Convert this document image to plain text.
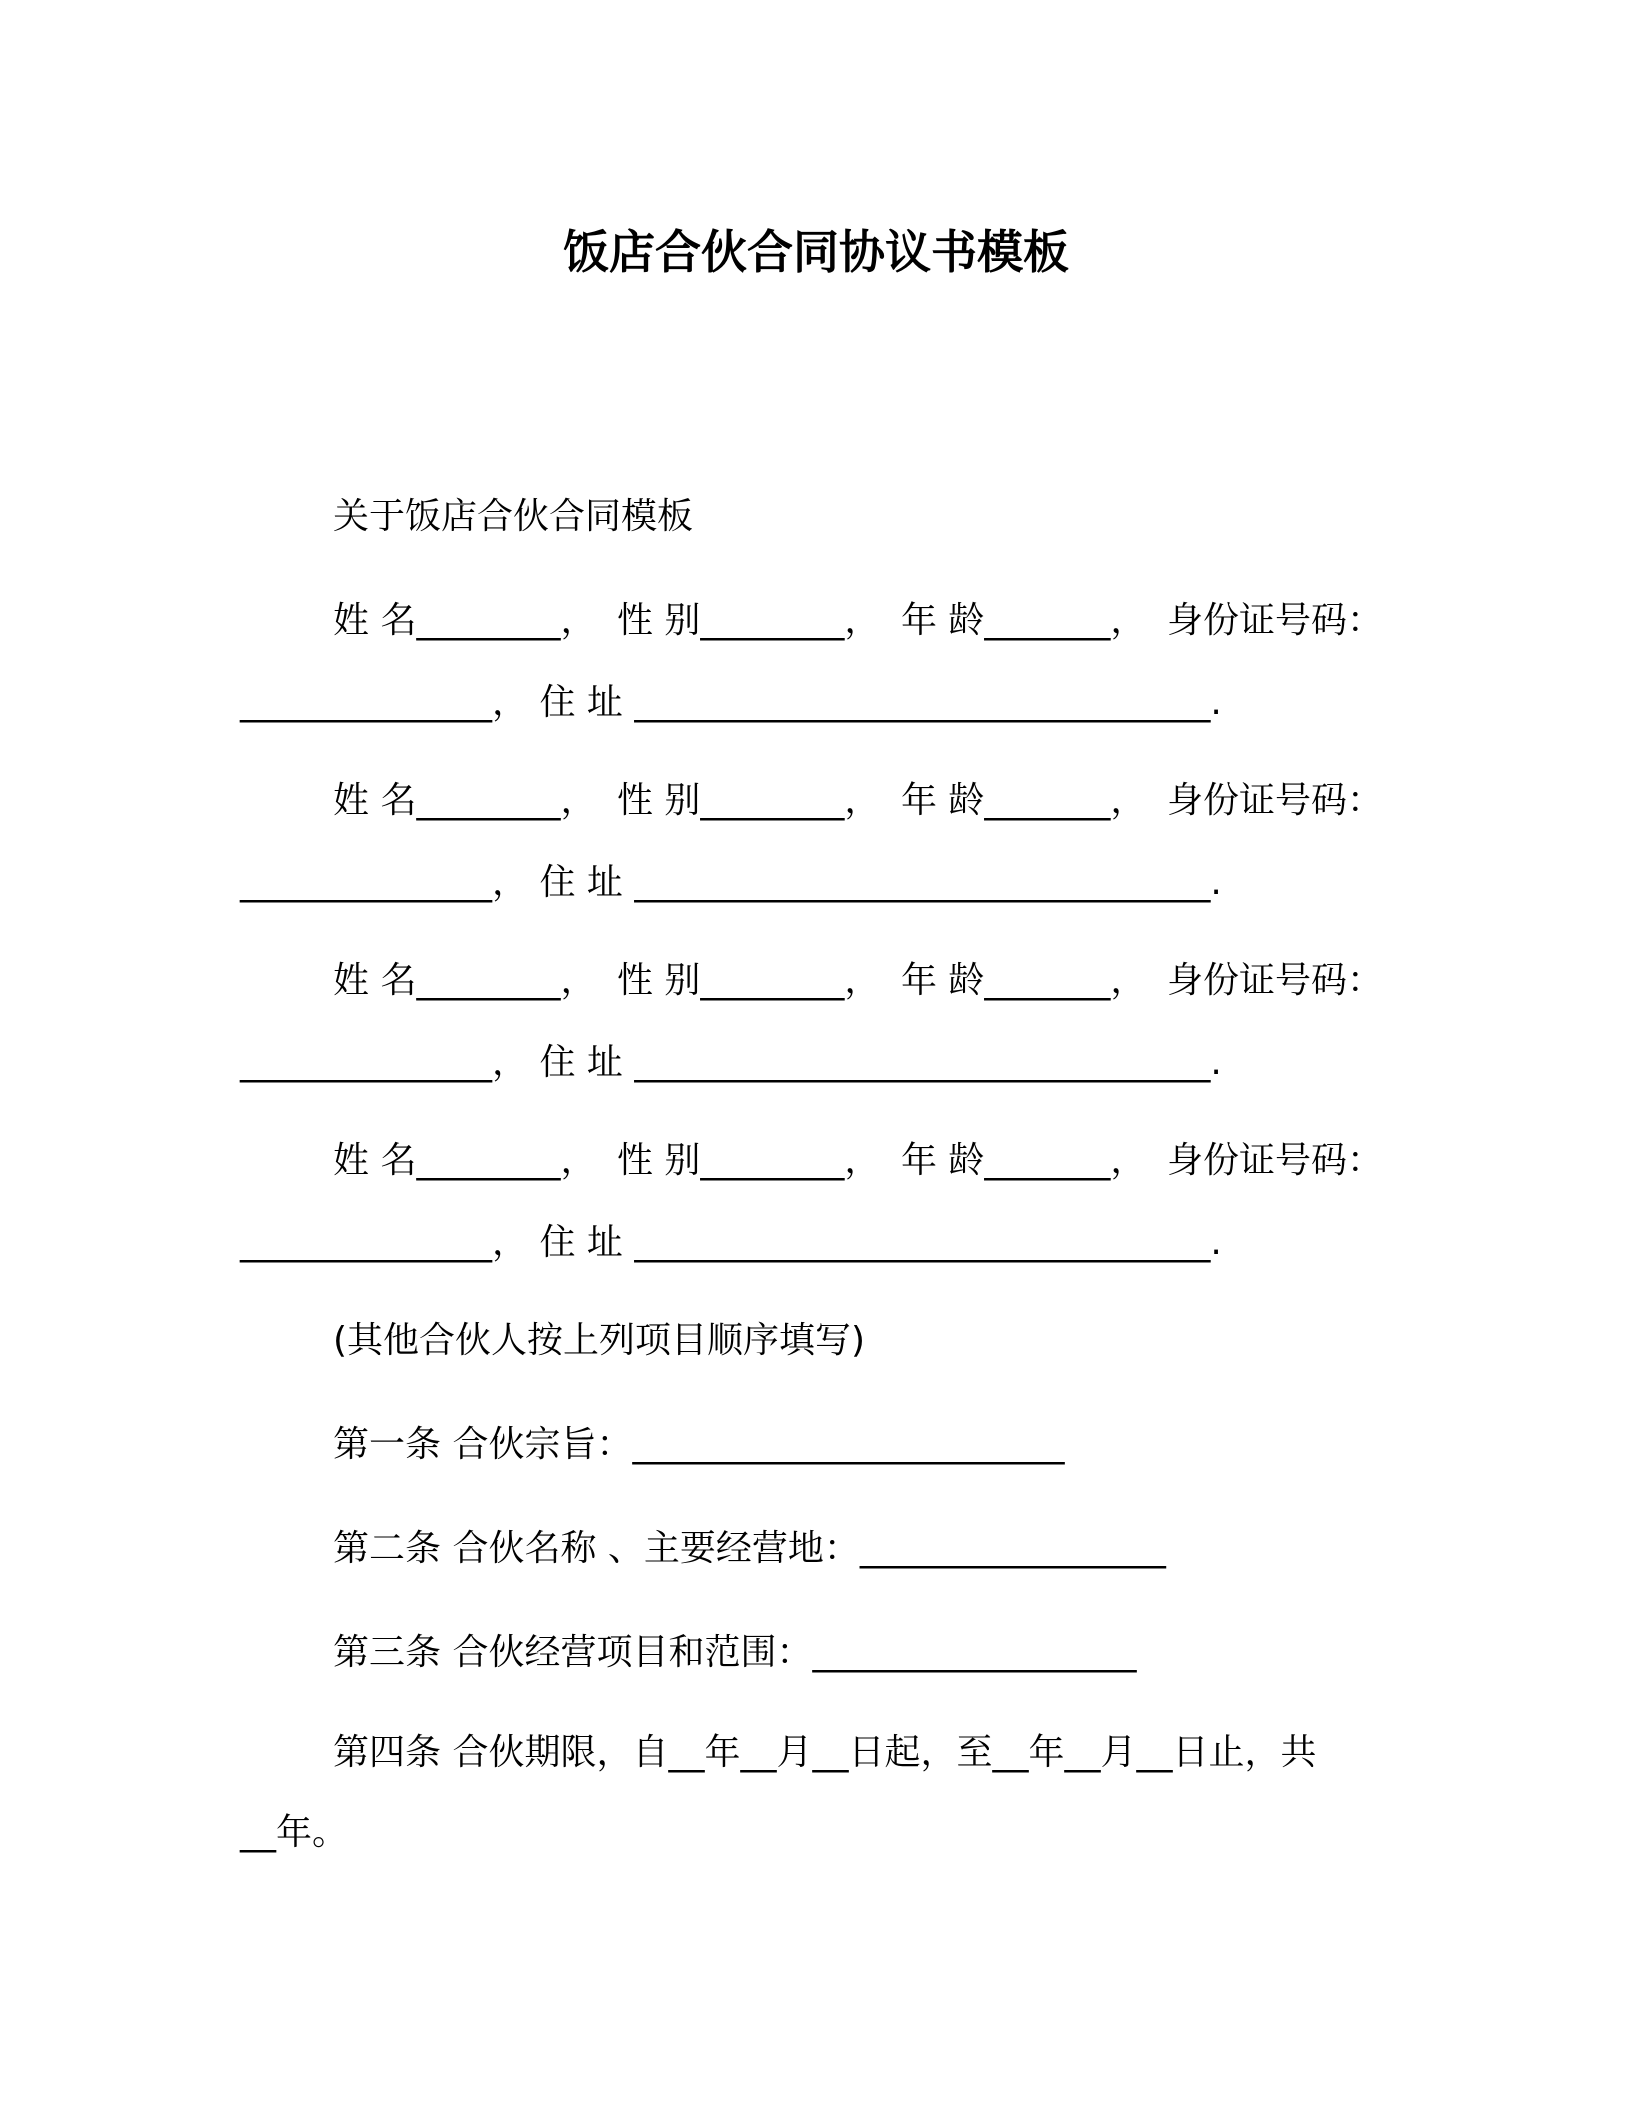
饭店合伙合同协议书模板
关于饭店合伙合同模板
姓 名________， 性 别________， 年 龄_______， 身份证号码：
______________， 住 址 ________________________________.
姓 名________， 性 别________， 年 龄_______， 身份证号码：
______________， 住 址 ________________________________.
姓 名________， 性 别________， 年 龄_______， 身份证号码：
______________， 住 址 ________________________________.
姓 名________， 性 别________， 年 龄_______， 身份证号码：
______________， 住 址 ________________________________.
(其他合伙人按上列项目顺序填写)
第一条 合伙宗旨：________________________
第二条 合伙名称 、主要经营地：_________________
第三条 合伙经营项目和范围：__________________
第四条 合伙期限，自__年__月__日起，至__年__月__日止，共
__年。
